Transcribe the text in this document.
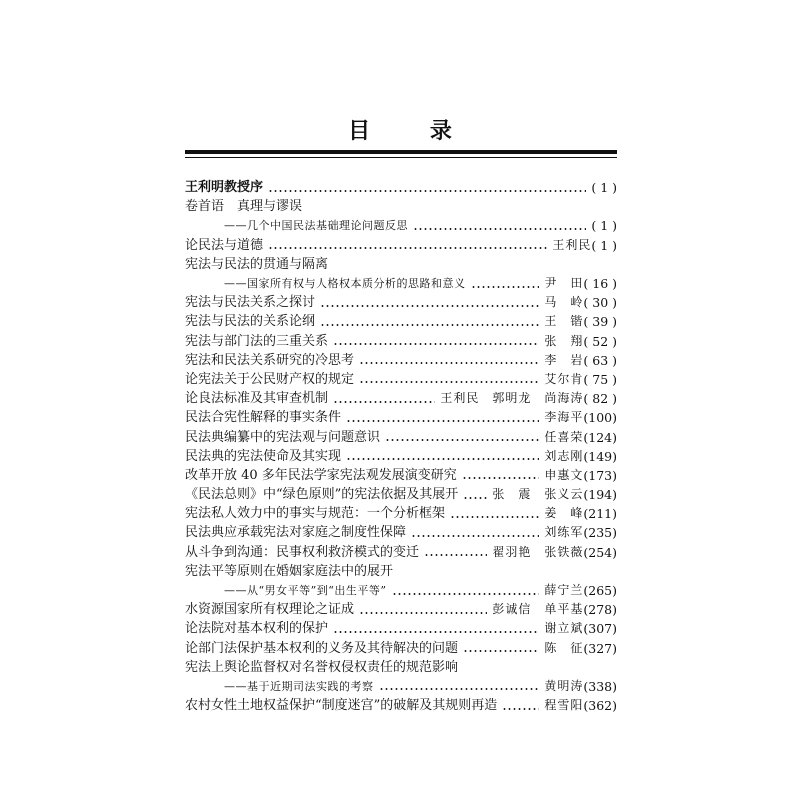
目 录
王利明教授序	( 1 )
卷首语　真理与谬误
——几个中国民法基础理论问题反思	( 1 )
论民法与道德	王利民 ( 1 )
宪法与民法的贯通与隔离
——国家所有权与人格权本质分析的思路和意义	尹　田 ( 16 )
宪法与民法关系之探讨	马　岭 ( 30 )
宪法与民法的关系论纲	王　锴 ( 39 )
宪法与部门法的三重关系	张　翔 ( 52 )
宪法和民法关系研究的冷思考	李　岩 ( 63 )
论宪法关于公民财产权的规定	艾尔肯 ( 75 )
论良法标准及其审查机制	王利民　郭明龙　尚海涛 ( 82 )
民法合宪性解释的事实条件	李海平 (100)
民法典编纂中的宪法观与问题意识	任喜荣 (124)
民法典的宪法使命及其实现	刘志刚 (149)
改革开放 40 多年民法学家宪法观发展演变研究	申惠文 (173)
《民法总则》中“绿色原则”的宪法依据及其展开	张　震　张义云 (194)
宪法私人效力中的事实与规范：一个分析框架	姜　峰 (211)
民法典应承载宪法对家庭之制度性保障	刘练军 (235)
从斗争到沟通：民事权利救济模式的变迁	翟羽艳　张铁薇 (254)
宪法平等原则在婚姻家庭法中的展开
——从“男女平等”到“出生平等”	薛宁兰 (265)
水资源国家所有权理论之证成	彭诚信　单平基 (278)
论法院对基本权利的保护	谢立斌 (307)
论部门法保护基本权利的义务及其待解决的问题	陈　征 (327)
宪法上舆论监督权对名誉权侵权责任的规范影响
——基于近期司法实践的考察	黄明涛 (338)
农村女性土地权益保护“制度迷宫”的破解及其规则再造	程雪阳 (362)
